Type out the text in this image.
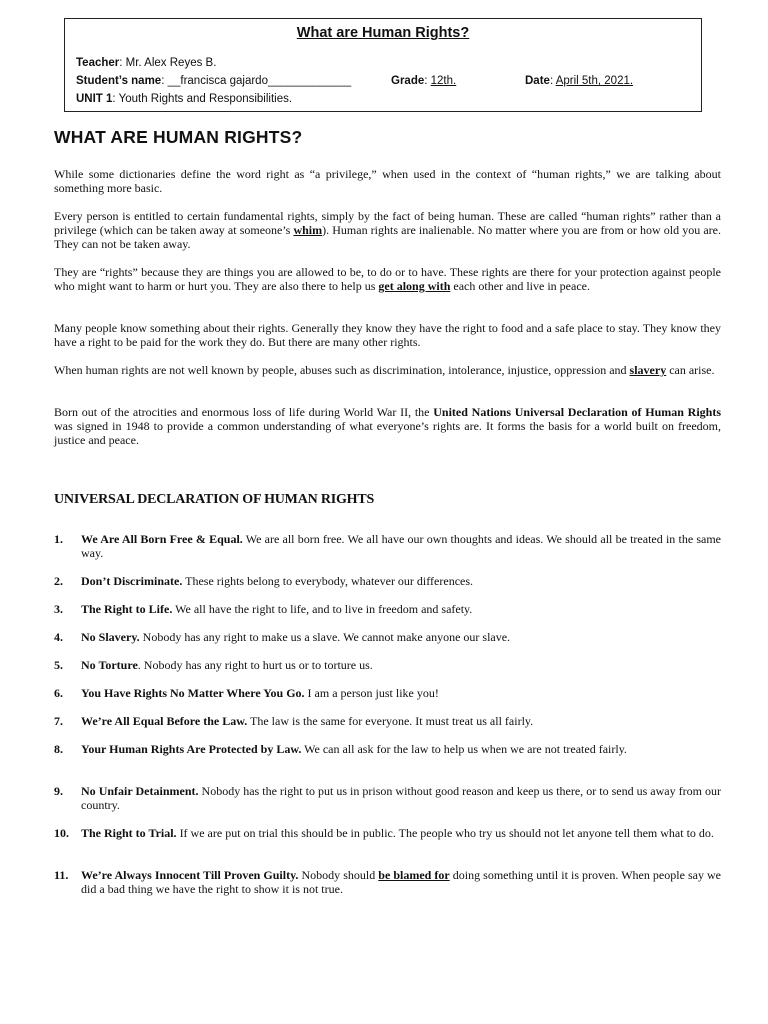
What are Human Rights?
Teacher: Mr. Alex Reyes B.
Student’s name: __francisca gajardo_____________	Grade: 12th.	Date: April 5th, 2021.
UNIT 1: Youth Rights and Responsibilities.
WHAT ARE HUMAN RIGHTS?

While some dictionaries define the word right as “a privilege,” when used in the context of “human rights,” we are talking about something more basic.

Every person is entitled to certain fundamental rights, simply by the fact of being human. These are called “human rights” rather than a privilege (which can be taken away at someone’s whim). Human rights are inalienable. No matter where you are from or how old you are. They can not be taken away.

They are “rights” because they are things you are allowed to be, to do or to have. These rights are there for your protection against people who might want to harm or hurt you. They are also there to help us get along with each other and live in peace.

Many people know something about their rights. Generally they know they have the right to food and a safe place to stay. They know they have a right to be paid for the work they do. But there are many other rights.

When human rights are not well known by people, abuses such as discrimination, intolerance, injustice, oppression and slavery can arise.

Born out of the atrocities and enormous loss of life during World War II, the United Nations Universal Declaration of Human Rights was signed in 1948 to provide a common understanding of what everyone’s rights are. It forms the basis for a world built on freedom, justice and peace.

UNIVERSAL DECLARATION OF HUMAN RIGHTS
1. We Are All Born Free & Equal. We are all born free. We all have our own thoughts and ideas. We should all be treated in the same way.
2. Don’t Discriminate. These rights belong to everybody, whatever our differences.
3. The Right to Life. We all have the right to life, and to live in freedom and safety.
4. No Slavery. Nobody has any right to make us a slave. We cannot make anyone our slave.
5. No Torture. Nobody has any right to hurt us or to torture us.
6. You Have Rights No Matter Where You Go. I am a person just like you!
7. We’re All Equal Before the Law. The law is the same for everyone. It must treat us all fairly.
8. Your Human Rights Are Protected by Law. We can all ask for the law to help us when we are not treated fairly.
9. No Unfair Detainment. Nobody has the right to put us in prison without good reason and keep us there, or to send us away from our country.
10. The Right to Trial. If we are put on trial this should be in public. The people who try us should not let anyone tell them what to do.
11. We’re Always Innocent Till Proven Guilty. Nobody should be blamed for doing something until it is proven. When people say we did a bad thing we have the right to show it is not true.
